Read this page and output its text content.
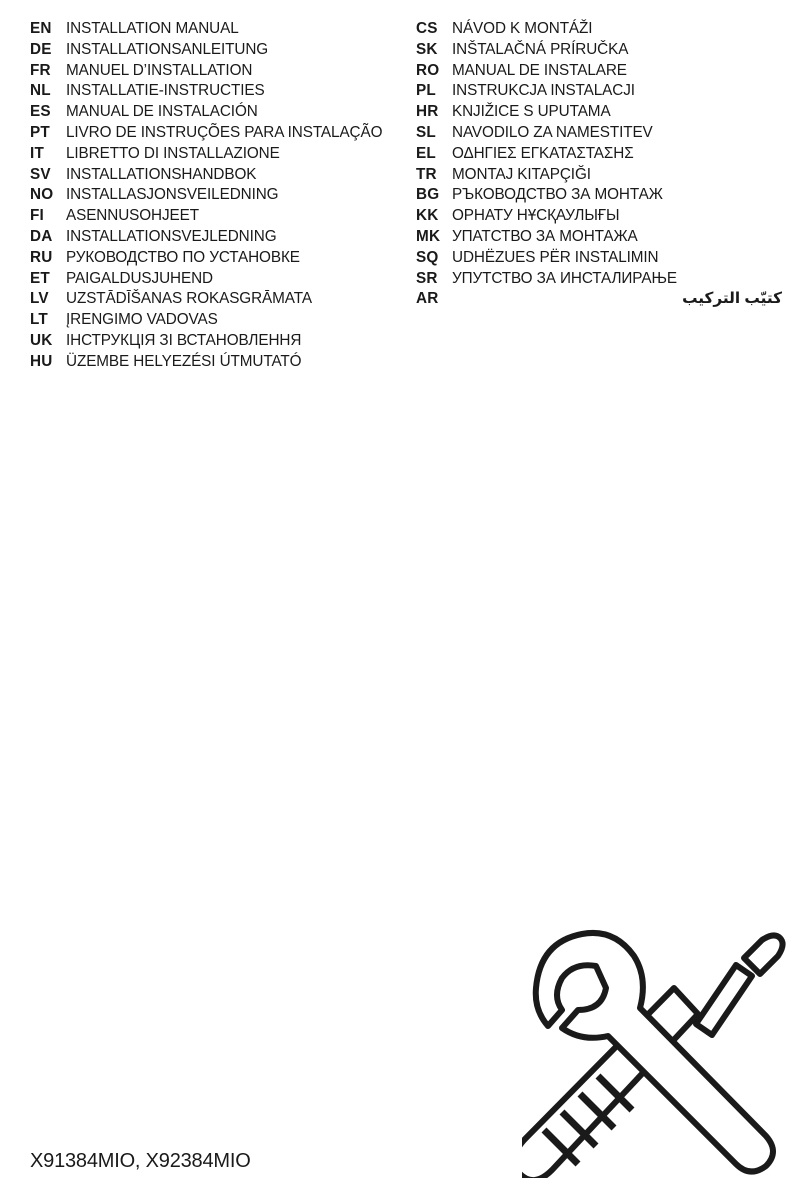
EN INSTALLATION MANUAL
DE INSTALLATIONSANLEITUNG
FR MANUEL D’INSTALLATION
NL INSTALLATIE-INSTRUCTIES
ES MANUAL DE INSTALACIÓN
PT	LIVRO DE INSTRUÇÕES PARA INSTALAÇÃO
IT	LIBRETTO DI INSTALLAZIONE
SV INSTALLATIONSHANDBOK
NO INSTALLASJONSVEILEDNING
FI	ASENNUSOHJEET
DA INSTALLATIONSVEJLEDNING
RU РУКОВОДСТВО ПО УСТАНОВКЕ
ET	PAIGALDUSJUHEND
LV	UZSTĀDĪŠANAS ROKASGRĀMATA
LT	ĮRENGIMO VADOVAS
UK ІНСТРУКЦІЯ ЗІ ВСТАНОВЛЕННЯ
HU ÜZEMBE HELYEZÉSI ÚTMUTATÓ
CS NÁVOD K MONTÁŽI
SK INŠTALAČNÁ PRÍRUČKA
RO MANUAL DE INSTALARE
PL	INSTRUKCJA INSTALACJI
HR KNJIŽICE S UPUTAMA
SL	NAVODILO ZA NAMESTITEV
EL	ΟΔΗΓΙΕΣ ΕΓΚΑΤΑΣΤΑΣΗΣ
TR MONTAJ KITAPÇIĞI
BG РЪКОВОДСТВО ЗА МОНТАЖ
KK ОРНАТУ НҰСҚАУЛЫҒЫ
MK УПАТСТВО ЗА МОНТАЖА
SQ UDHËZUES PËR INSTALIMIN
SR УПУТСТВО ЗА ИНСТАЛИРАЊЕ
AR	كتيّب التركيب
X91384MIO, X92384MIO
